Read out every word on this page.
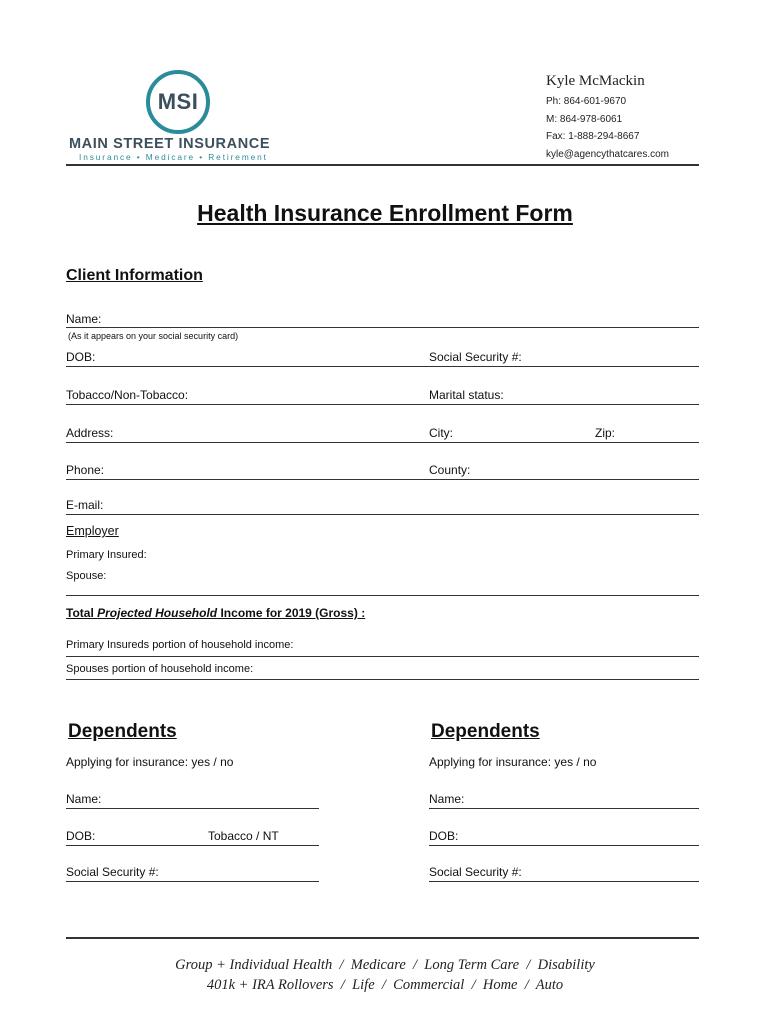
MSI
MAIN STREET INSURANCE
Insurance • Medicare • Retirement
Kyle McMackin
Ph: 864-601-9670
M: 864-978-6061
Fax: 1-888-294-8667
kyle@agencythatcares.com
Health Insurance Enrollment Form
Client Information
Name:
(As it appears on your social security card)
DOB:	Social Security #:
Tobacco/Non-Tobacco:	Marital status:
Address:	City:	Zip:
Phone:	County:
E-mail:
Employer
Primary Insured:
Spouse:
Total Projected Household Income for 2019 (Gross) :
Primary Insureds portion of household income:
Spouses portion of household income:
Dependents
Applying for insurance: yes / no
Name:
DOB:	Tobacco / NT
Social Security #:
Dependents
Applying for insurance: yes / no
Name:
DOB:
Social Security #:
Group + Individual Health  /  Medicare  /  Long Term Care  /  Disability
401k + IRA Rollovers  /  Life  /  Commercial  /  Home  /  Auto
